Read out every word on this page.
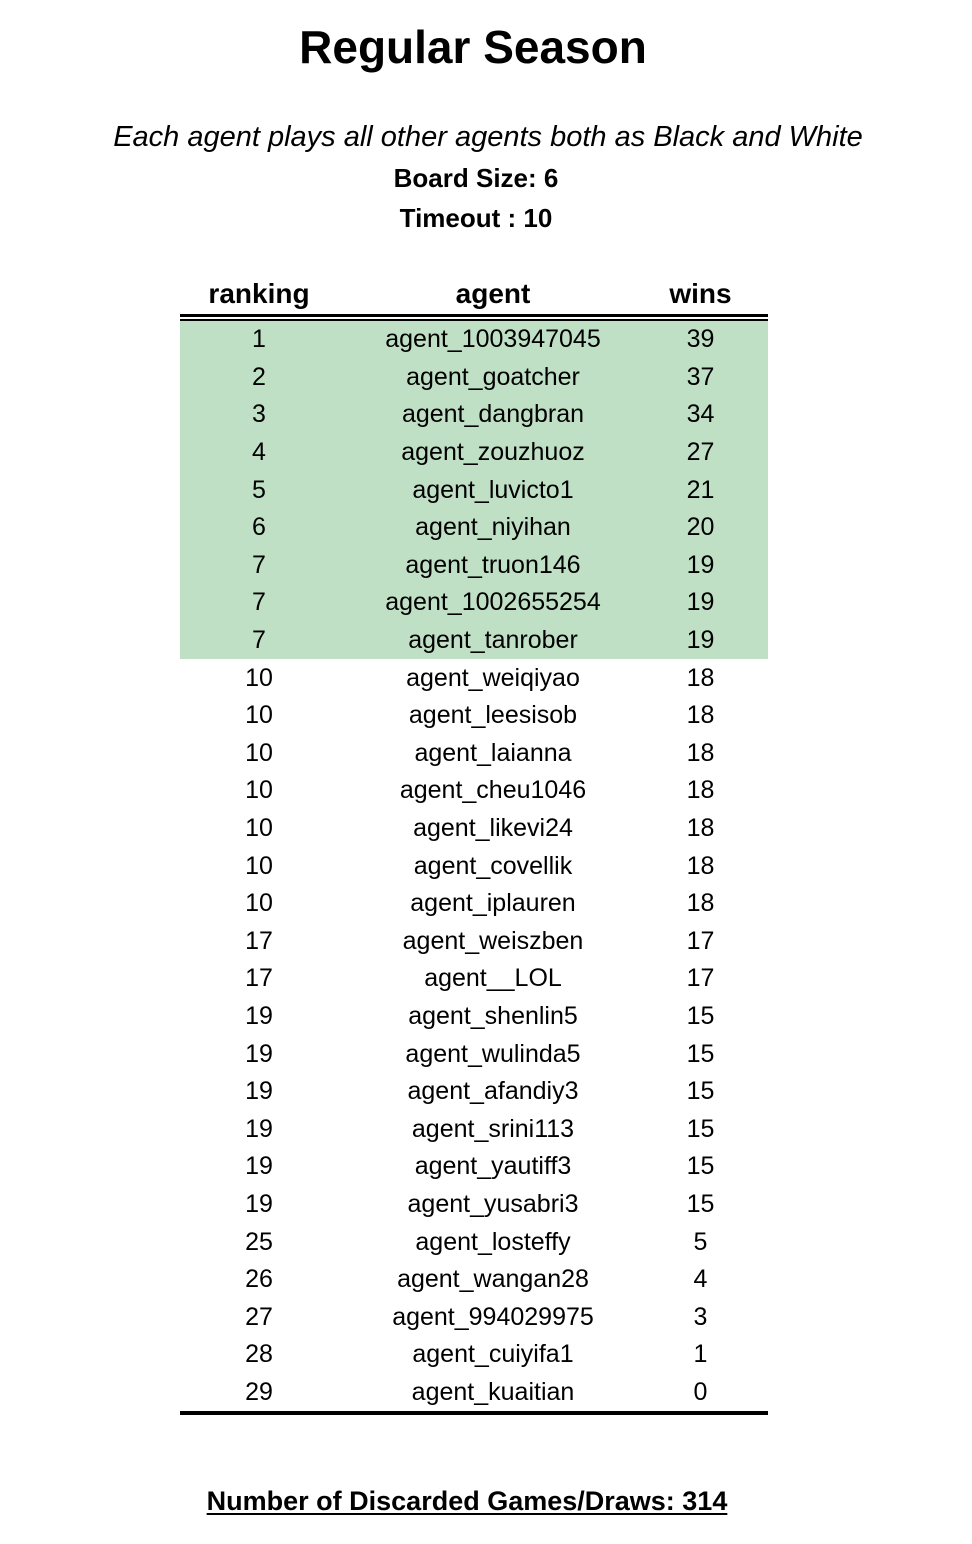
Regular Season
Each agent plays all other agents both as Black and White
Board Size: 6
Timeout : 10
ranking	agent	wins
1	agent_1003947045	39
2	agent_goatcher	37
3	agent_dangbran	34
4	agent_zouzhuoz	27
5	agent_luvicto1	21
6	agent_niyihan	20
7	agent_truon146	19
7	agent_1002655254	19
7	agent_tanrober	19
10	agent_weiqiyao	18
10	agent_leesisob	18
10	agent_laianna	18
10	agent_cheu1046	18
10	agent_likevi24	18
10	agent_covellik	18
10	agent_iplauren	18
17	agent_weiszben	17
17	agent__LOL	17
19	agent_shenlin5	15
19	agent_wulinda5	15
19	agent_afandiy3	15
19	agent_srini113	15
19	agent_yautiff3	15
19	agent_yusabri3	15
25	agent_losteffy	5
26	agent_wangan28	4
27	agent_994029975	3
28	agent_cuiyifa1	1
29	agent_kuaitian	0
Number of Discarded Games/Draws: 314
